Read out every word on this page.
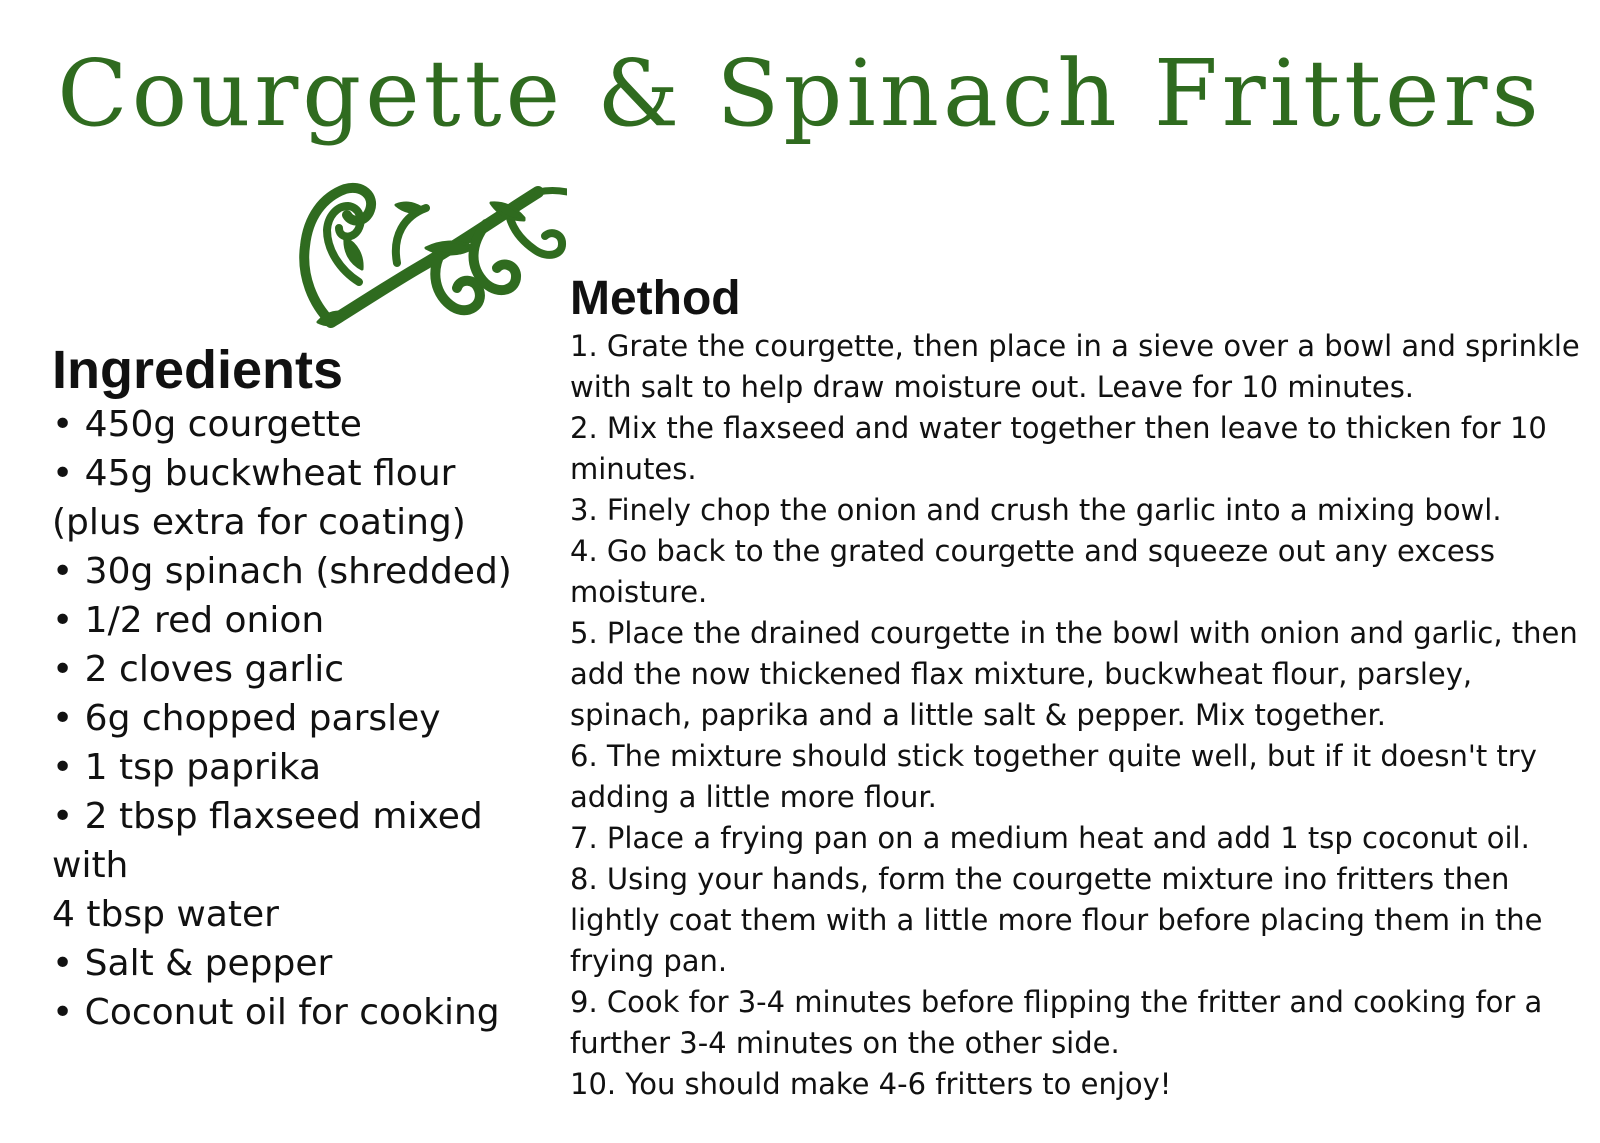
Courgette & Spinach Fritters
Ingredients
• 450g courgette
• 45g buckwheat flour
(plus extra for coating)
• 30g spinach (shredded)
• 1/2 red onion
• 2 cloves garlic
• 6g chopped parsley
• 1 tsp paprika
• 2 tbsp flaxseed mixed with
4 tbsp water
• Salt & pepper
• Coconut oil for cooking
Method
1. Grate the courgette, then place in a sieve over a bowl and sprinkle
with salt to help draw moisture out. Leave for 10 minutes.
2. Mix the flaxseed and water together then leave to thicken for 10
minutes.
3. Finely chop the onion and crush the garlic into a mixing bowl.
4. Go back to the grated courgette and squeeze out any excess
moisture.
5. Place the drained courgette in the bowl with onion and garlic, then
add the now thickened flax mixture, buckwheat flour, parsley,
spinach, paprika and a little salt & pepper. Mix together.
6. The mixture should stick together quite well, but if it doesn't try
adding a little more flour.
7. Place a frying pan on a medium heat and add 1 tsp coconut oil.
8. Using your hands, form the courgette mixture ino fritters then
lightly coat them with a little more flour before placing them in the
frying pan.
9. Cook for 3-4 minutes before flipping the fritter and cooking for a
further 3-4 minutes on the other side.
10. You should make 4-6 fritters to enjoy!
